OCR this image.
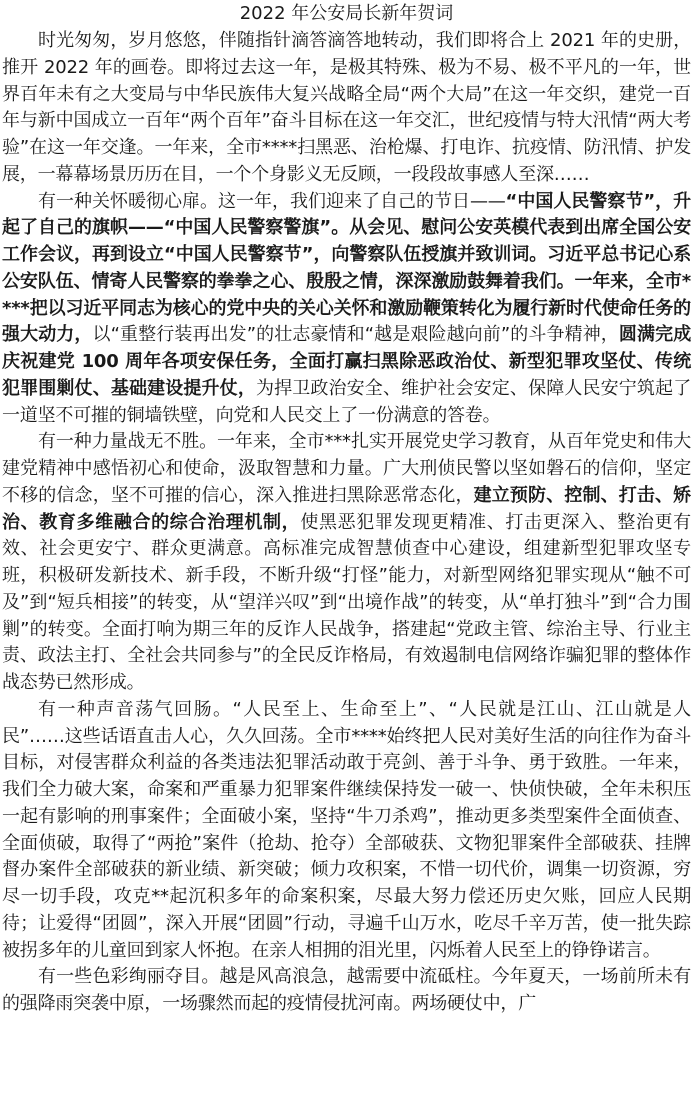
2022 年公安局长新年贺词

时光匆匆，岁月悠悠，伴随指针滴答滴答地转动，我们即将合上 2021 年的史册，推开 2022 年的画卷。即将过去这一年，是极其特殊、极为不易、极不平凡的一年，世界百年未有之大变局与中华民族伟大复兴战略全局“两个大局”在这一年交织，建党一百年与新中国成立一百年“两个百年”奋斗目标在这一年交汇，世纪疫情与特大汛情“两大考验”在这一年交逢。一年来，全市****扫黑恶、治枪爆、打电诈、抗疫情、防汛情、护发展，一幕幕场景历历在目，一个个身影义无反顾，一段段故事感人至深……

有一种关怀暖彻心扉。这一年，我们迎来了自己的节日——“中国人民警察节”，升起了自己的旗帜——“中国人民警察警旗”。从会见、慰问公安英模代表到出席全国公安工作会议，再到设立“中国人民警察节”，向警察队伍授旗并致训词。习近平总书记心系公安队伍、情寄人民警察的拳拳之心、殷殷之情，深深激励鼓舞着我们。一年来，全市****把以习近平同志为核心的党中央的关心关怀和激励鞭策转化为履行新时代使命任务的强大动力，以“重整行装再出发”的壮志豪情和“越是艰险越向前”的斗争精神，圆满完成庆祝建党 100 周年各项安保任务，全面打赢扫黑除恶政治仗、新型犯罪攻坚仗、传统犯罪围剿仗、基础建设提升仗，为捍卫政治安全、维护社会安定、保障人民安宁筑起了一道坚不可摧的铜墙铁壁，向党和人民交上了一份满意的答卷。

有一种力量战无不胜。一年来，全市***扎实开展党史学习教育，从百年党史和伟大建党精神中感悟初心和使命，汲取智慧和力量。广大刑侦民警以坚如磐石的信仰，坚定不移的信念，坚不可摧的信心，深入推进扫黑除恶常态化，建立预防、控制、打击、矫治、教育多维融合的综合治理机制，使黑恶犯罪发现更精准、打击更深入、整治更有效、社会更安宁、群众更满意。高标准完成智慧侦查中心建设，组建新型犯罪攻坚专班，积极研发新技术、新手段，不断升级“打怪”能力，对新型网络犯罪实现从“触不可及”到“短兵相接”的转变，从“望洋兴叹”到“出境作战”的转变，从“单打独斗”到“合力围剿”的转变。全面打响为期三年的反诈人民战争，搭建起“党政主管、综治主导、行业主责、政法主打、全社会共同参与”的全民反诈格局，有效遏制电信网络诈骗犯罪的整体作战态势已然形成。

有一种声音荡气回肠。“人民至上、生命至上”、“人民就是江山、江山就是人民”……这些话语直击人心，久久回荡。全市****始终把人民对美好生活的向往作为奋斗目标，对侵害群众利益的各类违法犯罪活动敢于亮剑、善于斗争、勇于致胜。一年来，我们全力破大案，命案和严重暴力犯罪案件继续保持发一破一、快侦快破，全年未积压一起有影响的刑事案件；全面破小案，坚持“牛刀杀鸡”，推动更多类型案件全面侦查、全面侦破，取得了“两抢”案件（抢劫、抢夺）全部破获、文物犯罪案件全部破获、挂牌督办案件全部破获的新业绩、新突破；倾力攻积案，不惜一切代价，调集一切资源，穷尽一切手段，攻克**起沉积多年的命案积案，尽最大努力偿还历史欠账，回应人民期待；让爱得“团圆”，深入开展“团圆”行动，寻遍千山万水，吃尽千辛万苦，使一批失踪被拐多年的儿童回到家人怀抱。在亲人相拥的泪光里，闪烁着人民至上的铮铮诺言。

有一些色彩绚丽夺目。越是风高浪急，越需要中流砥柱。今年夏天，一场前所未有的强降雨突袭中原，一场骤然而起的疫情侵扰河南。两场硬仗中，广
